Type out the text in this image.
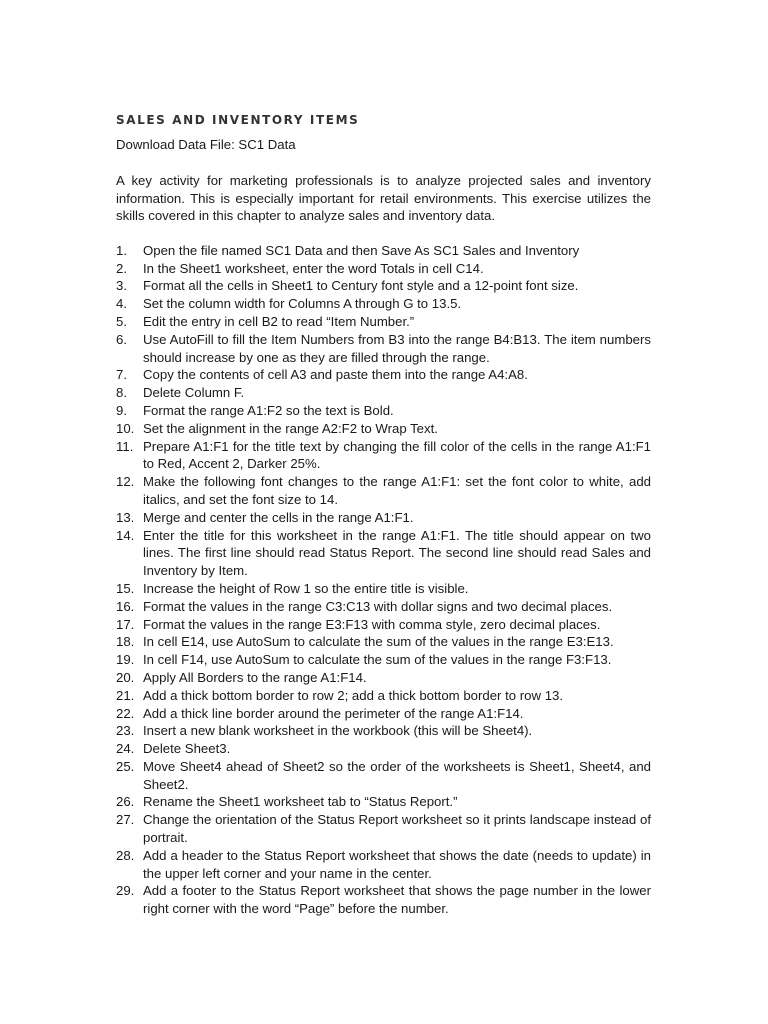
SALES AND INVENTORY ITEMS
Download Data File: SC1 Data

A key activity for marketing professionals is to analyze projected sales and inventory information. This is especially important for retail environments. This exercise utilizes the skills covered in this chapter to analyze sales and inventory data.

1.	Open the file named SC1 Data and then Save As SC1 Sales and Inventory
2.	In the Sheet1 worksheet, enter the word Totals in cell C14.
3.	Format all the cells in Sheet1 to Century font style and a 12-point font size.
4.	Set the column width for Columns A through G to 13.5.
5.	Edit the entry in cell B2 to read “Item Number.”
6.	Use AutoFill to fill the Item Numbers from B3 into the range B4:B13. The item numbers should increase by one as they are filled through the range.
7.	Copy the contents of cell A3 and paste them into the range A4:A8.
8.	Delete Column F.
9.	Format the range A1:F2 so the text is Bold.
10. Set the alignment in the range A2:F2 to Wrap Text.
11. Prepare A1:F1 for the title text by changing the fill color of the cells in the range A1:F1 to Red, Accent 2, Darker 25%.
12. Make the following font changes to the range A1:F1: set the font color to white, add italics, and set the font size to 14.
13. Merge and center the cells in the range A1:F1.
14. Enter the title for this worksheet in the range A1:F1. The title should appear on two lines. The first line should read Status Report. The second line should read Sales and Inventory by Item.
15. Increase the height of Row 1 so the entire title is visible.
16. Format the values in the range C3:C13 with dollar signs and two decimal places.
17. Format the values in the range E3:F13 with comma style, zero decimal places.
18. In cell E14, use AutoSum to calculate the sum of the values in the range E3:E13.
19. In cell F14, use AutoSum to calculate the sum of the values in the range F3:F13.
20. Apply All Borders to the range A1:F14.
21. Add a thick bottom border to row 2; add a thick bottom border to row 13.
22. Add a thick line border around the perimeter of the range A1:F14.
23. Insert a new blank worksheet in the workbook (this will be Sheet4).
24. Delete Sheet3.
25. Move Sheet4 ahead of Sheet2 so the order of the worksheets is Sheet1, Sheet4, and Sheet2.
26. Rename the Sheet1 worksheet tab to “Status Report.”
27. Change the orientation of the Status Report worksheet so it prints landscape instead of portrait.
28. Add a header to the Status Report worksheet that shows the date (needs to update) in the upper left corner and your name in the center.
29. Add a footer to the Status Report worksheet that shows the page number in the lower right corner with the word “Page” before the number.
